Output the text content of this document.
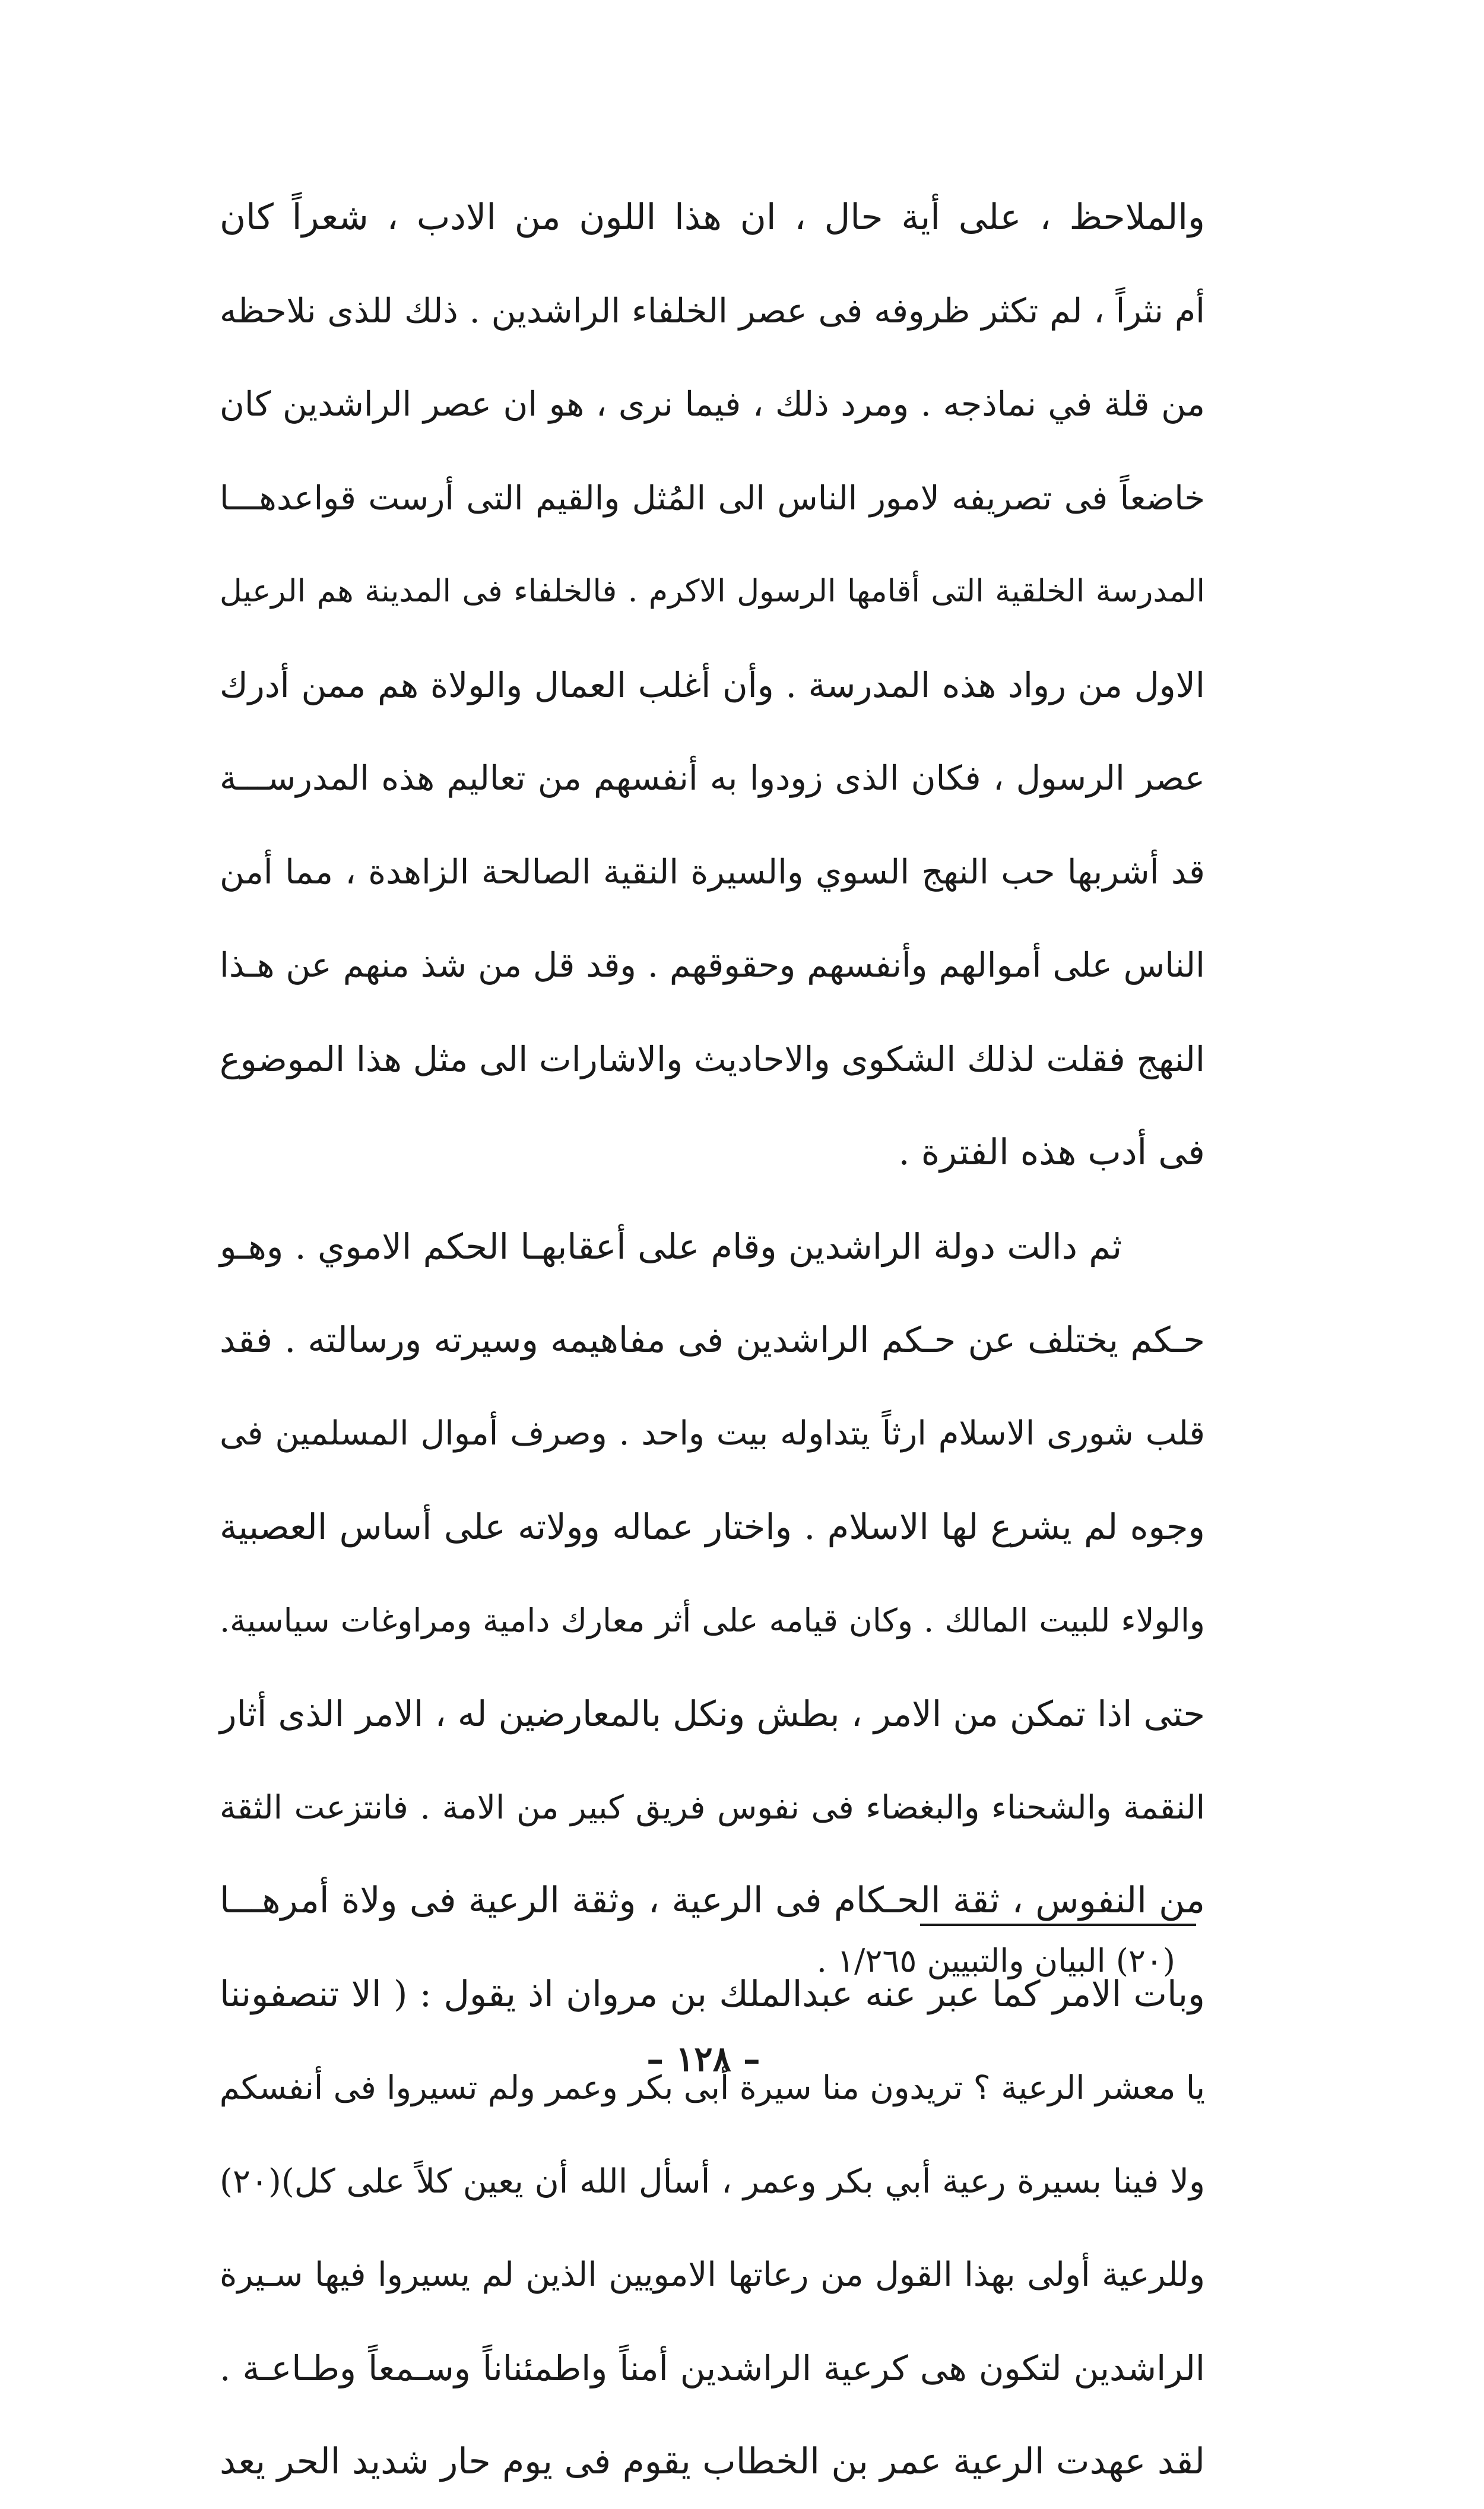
والملاحظ ، على أية حال ، ان هذا اللون من الادب ، شعراً كان
أم نثراً ، لم تكثر ظروفه فى عصر الخلفاء الراشدين . ذلك للذى نلاحظه
من قلة في نماذجه . ومرد ذلك ، فيما نرى ، هو ان عصر الراشدين كان
خاضعاً فى تصريفه لامور الناس الى المُثل والقيم التى أرست قواعدهـــا
المدرسة الخلقية التى أقامها الرسول الاكرم . فالخلفاء فى المدينة هم الرعيل
الاول من رواد هذه المدرسة . وأن أغلب العمال والولاة هم ممن أدرك
عصر الرسول ، فكان الذى زودوا به أنفسهم من تعاليم هذه المدرســـة
قد أشربها حب النهج السوي والسيرة النقية الصالحة الزاهدة ، مما أمن
الناس على أموالهم وأنفسهم وحقوقهم . وقد قل من شذ منهم عن هـذا
النهج فقلت لذلك الشكوى والاحاديث والاشارات الى مثل هذا الموضوع
فى أدب هذه الفترة .
ثم دالت دولة الراشدين وقام على أعقابهـا الحكم الاموي . وهـو
حـكم يختلف عن حـكم الراشدين فى مفاهيمه وسيرته ورسالته . فقد
قلب شورى الاسلام ارثاً يتداوله بيت واحد . وصرف أموال المسلمين فى
وجوه لم يشرع لها الاسلام . واختار عماله وولاته على أساس العصبية
والولاء للبيت المالك . وكان قيامه على أثر معارك دامية ومراوغات سياسية.
حتى اذا تمكن من الامر ، بطش ونكل بالمعارضين له ، الامر الذى أثار
النقمة والشحناء والبغضاء فى نفوس فريق كبير من الامة . فانتزعت الثقة
من النفوس ، ثقة الحـكام فى الرعية ، وثقة الرعية فى ولاة أمرهـــا
وبات الامر كما عبر عنه عبدالملك بن مروان اذ يقول : ( الا تنصفوننا
يا معشر الرعية ؟ تريدون منا سيرة أبى بكر وعمر ولم تسيروا فى أنفسكم
ولا فينا بسيرة رعية أبي بكر وعمر ، أسأل الله أن يعين كلاً على كل)(٢٠)
وللرعية أولى بهذا القول من رعاتها الامويين الذين لم يسيروا فيها سـيرة
الراشدين لتكون هى كرعية الراشدين أمناً واطمئناناً وسـمعاً وطـاعـة .
لقد عهدت الرعية عمر بن الخطاب يقوم فى يوم حار شديد الحر يعد
(٢٠) البيان والتبيين ١/٢٦٥ .
– ١٢٨ –
